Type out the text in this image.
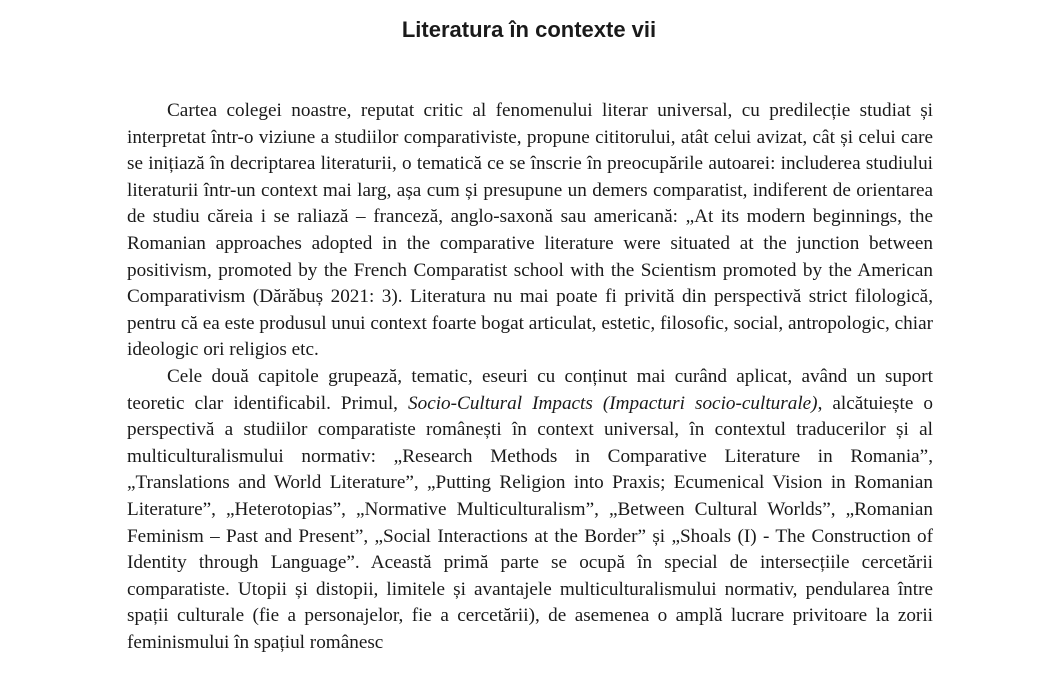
Literatura în contexte vii

Cartea colegei noastre, reputat critic al fenomenului literar universal, cu predilecție studiat și interpretat într-o viziune a studiilor comparativiste, propune cititorului, atât celui avizat, cât și celui care se inițiază în decriptarea literaturii, o tematică ce se înscrie în preocupările autoarei: includerea studiului literaturii într-un context mai larg, așa cum și presupune un demers comparatist, indiferent de orientarea de studiu căreia i se raliază – franceză, anglo-saxonă sau americană: „At its modern beginnings, the Romanian approaches adopted in the comparative literature were situated at the junction between positivism, promoted by the French Comparatist school with the Scientism promoted by the American Comparativism (Dărăbuș 2021: 3). Literatura nu mai poate fi privită din perspectivă strict filologică, pentru că ea este produsul unui context foarte bogat articulat, estetic, filosofic, social, antropologic, chiar ideologic ori religios etc.

Cele două capitole grupează, tematic, eseuri cu conținut mai curând aplicat, având un suport teoretic clar identificabil. Primul, Socio-Cultural Impacts (Impacturi socio-culturale), alcătuiește o perspectivă a studiilor comparatiste românești în context universal, în contextul traducerilor și al multiculturalismului normativ: „Research Methods in Comparative Literature in Romania”, „Translations and World Literature”, „Putting Religion into Praxis; Ecumenical Vision in Romanian Literature”, „Heterotopias”, „Normative Multiculturalism”, „Between Cultural Worlds”, „Romanian Feminism – Past and Present”, „Social Interactions at the Border” și „Shoals (I) - The Construction of Identity through Language”. Această primă parte se ocupă în special de intersecțiile cercetării comparatiste. Utopii și distopii, limitele și avantajele multiculturalismului normativ, pendularea între spații culturale (fie a personajelor, fie a cercetării), de asemenea o amplă lucrare privitoare la zorii feminismului în spațiul românesc
